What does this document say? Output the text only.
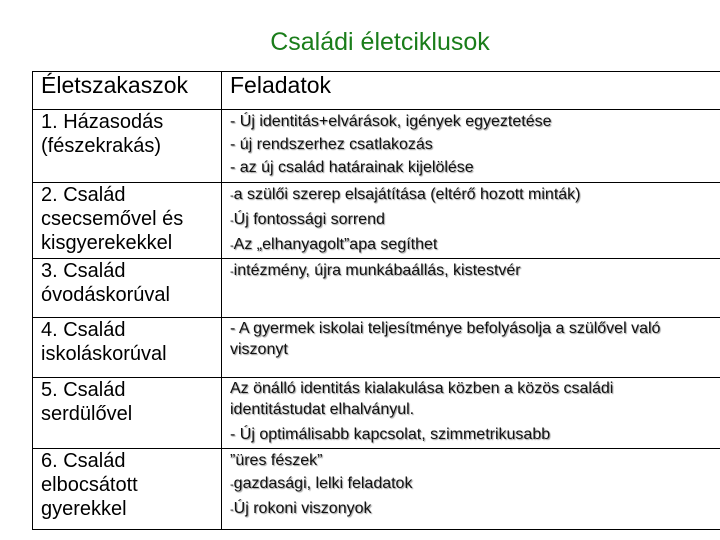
Családi életciklusok
Életszakaszok	Feladatok
1. Házasodás (fészekrakás)	- Új identitás+elvárások, igények egyeztetése
- új rendszerhez csatlakozás
- az új család határainak kijelölése

2. Család csecsemővel és kisgyerekekkel	-a szülői szerep elsajátítása (eltérő hozott minták)
-Új fontossági sorrend
-Az „elhanyagolt”apa segíthet

3. Család óvodáskorúval	-intézmény, újra munkábaállás, kistestvér

4. Család iskoláskorúval	- A gyermek iskolai teljesítménye befolyásolja a szülővel való viszonyt

5. Család serdülővel	Az önálló identitás kialakulása közben a közös családi identitástudat elhalványul.
- Új optimálisabb kapcsolat, szimmetrikusabb

6. Család elbocsátott gyerekkel	”üres fészek”
-gazdasági, lelki feladatok
-Új rokoni viszonyok
